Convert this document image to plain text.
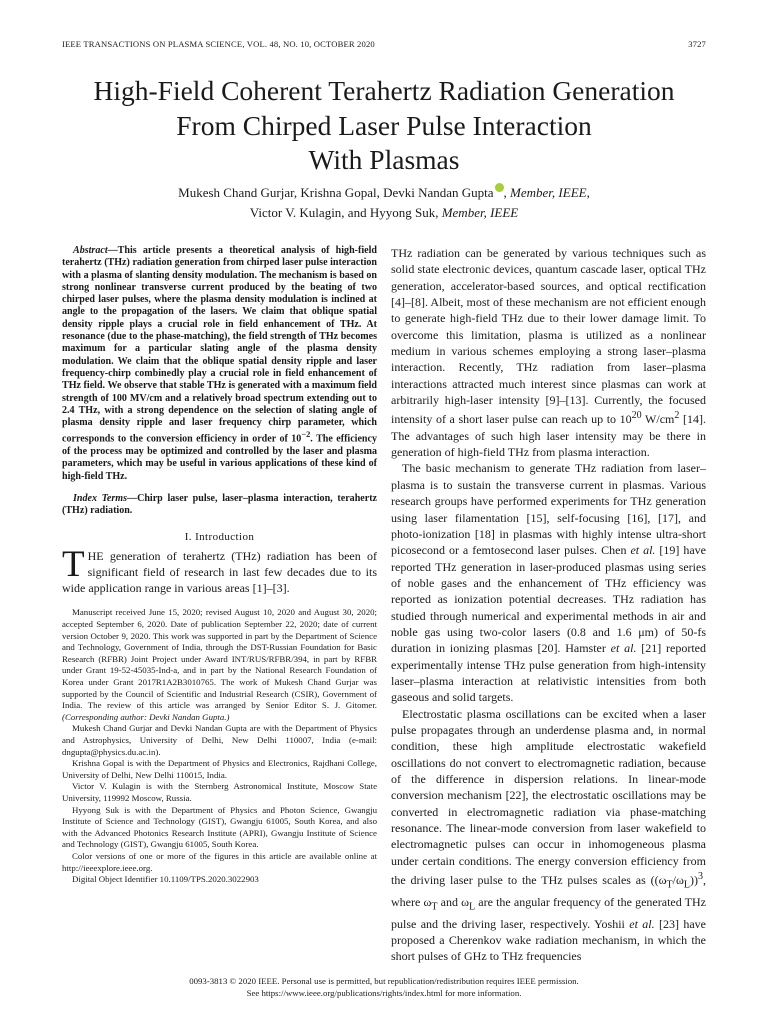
IEEE TRANSACTIONS ON PLASMA SCIENCE, VOL. 48, NO. 10, OCTOBER 2020	3727
High-Field Coherent Terahertz Radiation Generation
From Chirped Laser Pulse Interaction
With Plasmas
Mukesh Chand Gurjar, Krishna Gopal, Devki Nandan Gupta , Member, IEEE,
Victor V. Kulagin, and Hyyong Suk, Member, IEEE

Abstract—This article presents a theoretical analysis of high-field terahertz (THz) radiation generation from chirped laser pulse interaction with a plasma of slanting density modulation. The mechanism is based on strong nonlinear transverse current produced by the beating of two chirped laser pulses, where the plasma density modulation is inclined at angle to the propagation of the lasers. We claim that oblique spatial density ripple plays a crucial role in field enhancement of THz. At resonance (due to the phase-matching), the field strength of THz becomes maximum for a particular slating angle of the plasma density modulation. We claim that the oblique spatial density ripple and laser frequency-chirp combinedly play a crucial role in field enhancement of THz field. We observe that stable THz is generated with a maximum field strength of 100 MV/cm and a relatively broad spectrum extending out to 2.4 THz, with a strong dependence on the selection of slating angle of plasma density ripple and laser frequency chirp parameter, which corresponds to the conversion efficiency in order of $10^{-2}$. The efficiency of the process may be optimized and controlled by the laser and plasma parameters, which may be useful in various applications of these kind of high-field THz.

Index Terms—Chirp laser pulse, laser–plasma interaction, terahertz (THz) radiation.

I. Introduction

THE generation of terahertz (THz) radiation has been of significant field of research in last few decades due to its wide application range in various areas [1]–[3].

Manuscript received June 15, 2020; revised August 10, 2020 and August 30, 2020; accepted September 6, 2020. Date of publication September 22, 2020; date of current version October 9, 2020. This work was supported in part by the Department of Science and Technology, Government of India, through the DST-Russian Foundation for Basic Research (RFBR) Joint Project under Award INT/RUS/RFBR/394, in part by RFBR under Grant 19-52-45035-Ind-a, and in part by the National Research Foundation of Korea under Grant 2017R1A2B3010765. The work of Mukesh Chand Gurjar was supported by the Council of Scientific and Industrial Research (CSIR), Government of India. The review of this article was arranged by Senior Editor S. J. Gitomer. (Corresponding author: Devki Nandan Gupta.)

Mukesh Chand Gurjar and Devki Nandan Gupta are with the Department of Physics and Astrophysics, University of Delhi, New Delhi 110007, India (e-mail: dngupta@physics.du.ac.in).

Krishna Gopal is with the Department of Physics and Electronics, Rajdhani College, University of Delhi, New Delhi 110015, India.

Victor V. Kulagin is with the Sternberg Astronomical Institute, Moscow State University, 119992 Moscow, Russia.

Hyyong Suk is with the Department of Physics and Photon Science, Gwangju Institute of Science and Technology (GIST), Gwangju 61005, South Korea, and also with the Advanced Photonics Research Institute (APRI), Gwangju Institute of Science and Technology (GIST), Gwangju 61005, South Korea.

Color versions of one or more of the figures in this article are available online at http://ieeexplore.ieee.org.

Digital Object Identifier 10.1109/TPS.2020.3022903

THz radiation can be generated by various techniques such as solid state electronic devices, quantum cascade laser, optical THz generation, accelerator-based sources, and optical rectification [4]–[8]. Albeit, most of these mechanism are not efficient enough to generate high-field THz due to their lower damage limit. To overcome this limitation, plasma is utilized as a nonlinear medium in various schemes employing a strong laser–plasma interaction. Recently, THz radiation from laser–plasma interactions attracted much interest since plasmas can work at arbitrarily high-laser intensity [9]–[13]. Currently, the focused intensity of a short laser pulse can reach up to $10^{20}$ $W/cm^2$ [14]. The advantages of such high laser intensity may be there in generation of high-field THz from plasma interaction.

The basic mechanism to generate THz radiation from laser–plasma is to sustain the transverse current in plasmas. Various research groups have performed experiments for THz generation using laser filamentation [15], self-focusing [16], [17], and photo-ionization [18] in plasmas with highly intense ultra-short picosecond or a femtosecond laser pulses. Chen et al. [19] have reported THz generation in laser-produced plasmas using series of noble gases and the enhancement of THz efficiency was reported as ionization potential decreases. THz radiation has studied through numerical and experimental methods in air and noble gas using two-color lasers (0.8 and 1.6 μm) of 50-fs duration in ionizing plasmas [20]. Hamster et al. [21] reported experimentally intense THz pulse generation from high-intensity laser–plasma interaction at relativistic intensities from both gaseous and solid targets.

Electrostatic plasma oscillations can be excited when a laser pulse propagates through an underdense plasma and, in normal condition, these high amplitude electrostatic wakefield oscillations do not convert to electromagnetic radiation, because of the difference in dispersion relations. In linear-mode conversion mechanism [22], the electrostatic oscillations may be converted in electromagnetic radiation via phase-matching resonance. The linear-mode conversion from laser wakefield to electromagnetic pulses can occur in inhomogeneous plasma under certain conditions. The energy conversion efficiency from the driving laser pulse to the THz pulses scales as $((\omega_T/\omega_L))^3$, where $\omega_T$ and $\omega_L$ are the angular frequency of the generated THz pulse and the driving laser, respectively. Yoshii et al. [23] have proposed a Cherenkov wake radiation mechanism, in which the short pulses of GHz to THz frequencies

0093-3813 © 2020 IEEE. Personal use is permitted, but republication/redistribution requires IEEE permission.
See https://www.ieee.org/publications/rights/index.html for more information.
